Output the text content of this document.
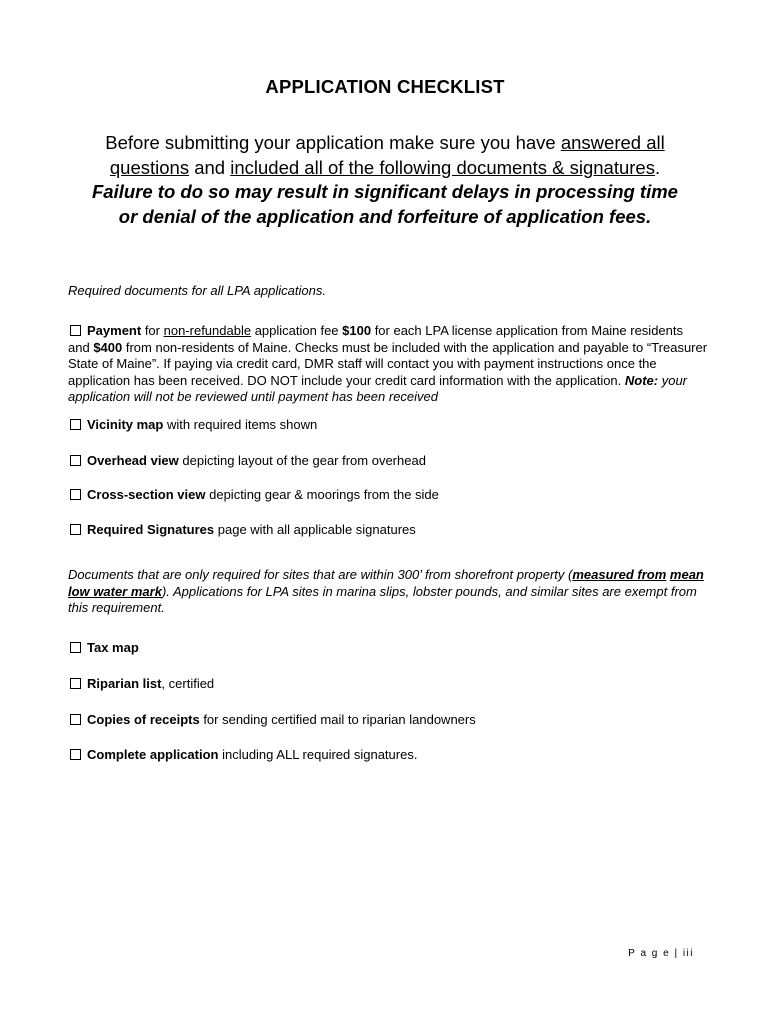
APPLICATION CHECKLIST
Before submitting your application make sure you have answered all questions and included all of the following documents & signatures. Failure to do so may result in significant delays in processing time or denial of the application and forfeiture of application fees.
Required documents for all LPA applications.
Payment for non-refundable application fee $100 for each LPA license application from Maine residents and $400 from non-residents of Maine. Checks must be included with the application and payable to “Treasurer State of Maine”. If paying via credit card, DMR staff will contact you with payment instructions once the application has been received. DO NOT include your credit card information with the application. Note: your application will not be reviewed until payment has been received
Vicinity map with required items shown
Overhead view depicting layout of the gear from overhead
Cross-section view depicting gear & moorings from the side
Required Signatures page with all applicable signatures
Documents that are only required for sites that are within 300’ from shorefront property (measured from mean low water mark). Applications for LPA sites in marina slips, lobster pounds, and similar sites are exempt from this requirement.
Tax map
Riparian list, certified
Copies of receipts for sending certified mail to riparian landowners
Complete application including ALL required signatures.
P a g e | iii
